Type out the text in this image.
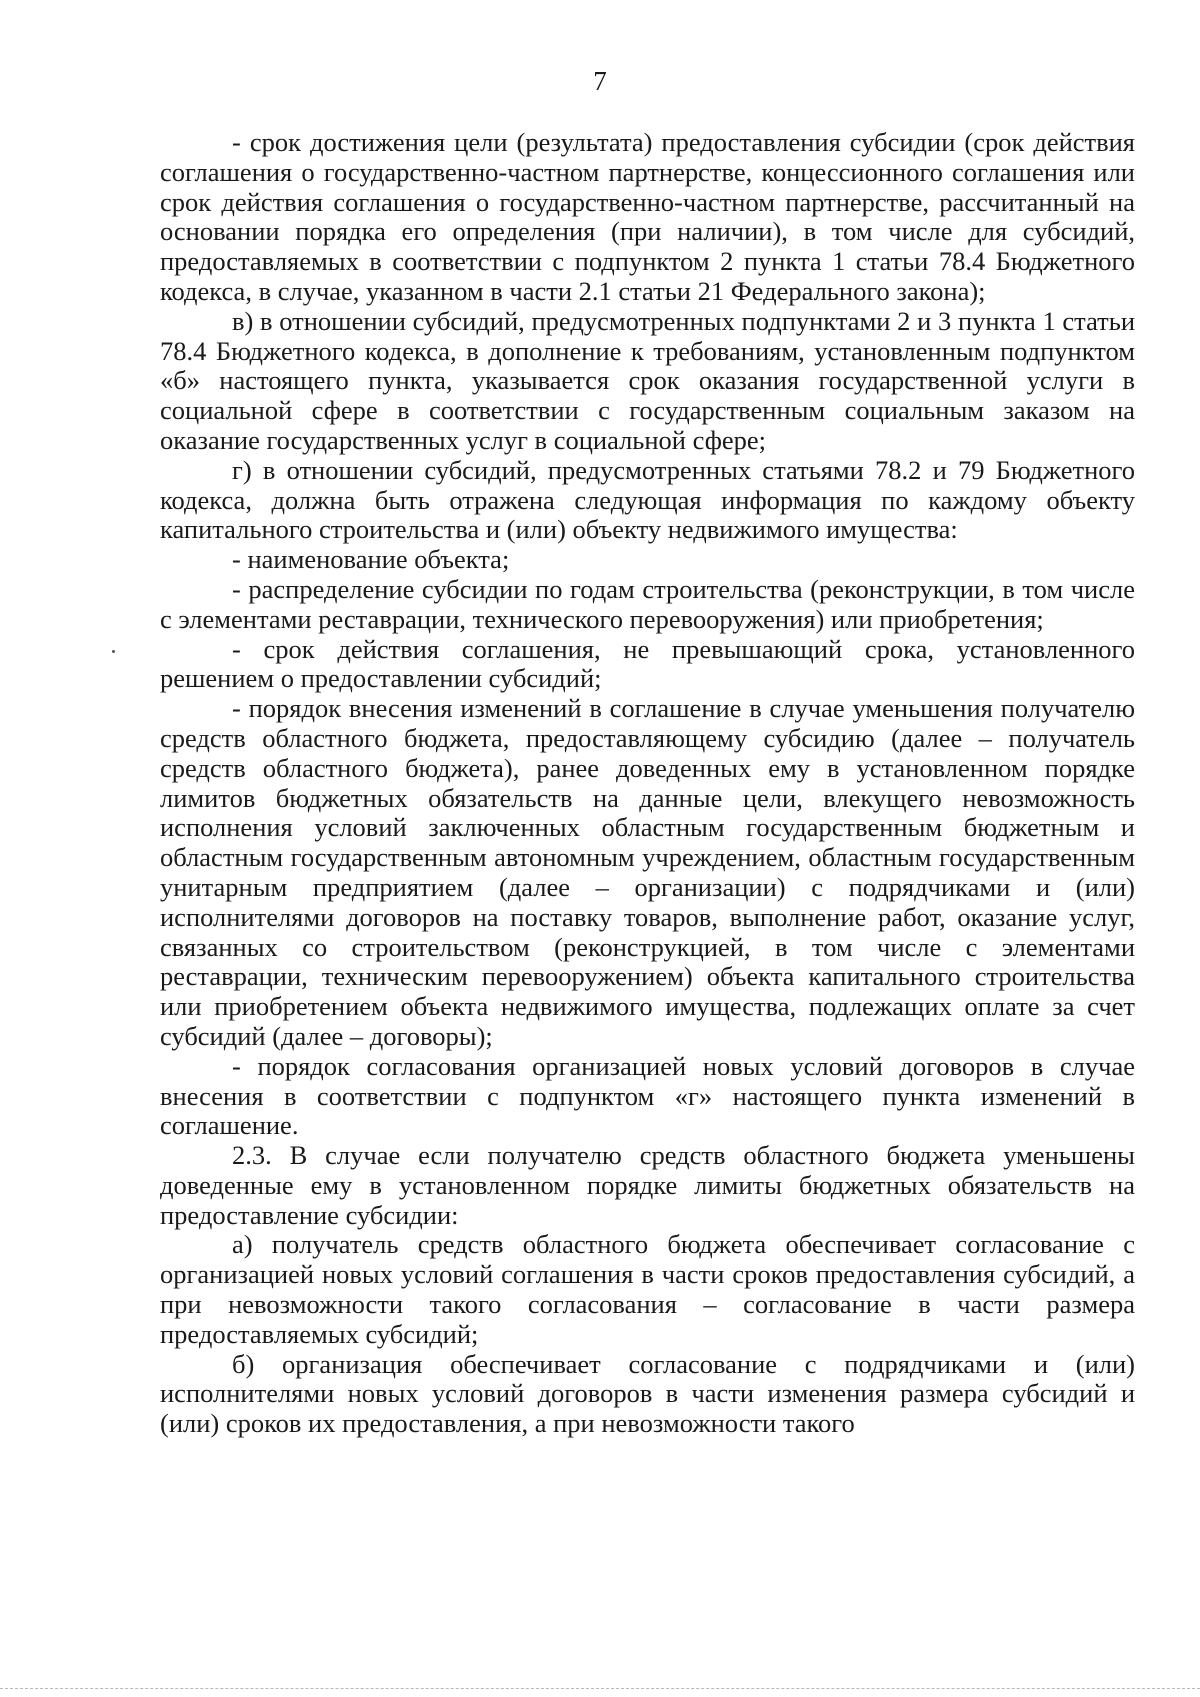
7

- срок достижения цели (результата) предоставления субсидии (срок действия соглашения о государственно-частном партнерстве, концессионного соглашения или срок действия соглашения о государственно-частном партнерстве, рассчитанный на основании порядка его определения (при наличии), в том числе для субсидий, предоставляемых в соответствии с подпунктом 2 пункта 1 статьи 78.4 Бюджетного кодекса, в случае, указанном в части 2.1 статьи 21 Федерального закона);

в) в отношении субсидий, предусмотренных подпунктами 2 и 3 пункта 1 статьи 78.4 Бюджетного кодекса, в дополнение к требованиям, установленным подпунктом «б» настоящего пункта, указывается срок оказания государственной услуги в социальной сфере в соответствии с государственным социальным заказом на оказание государственных услуг в социальной сфере;

г) в отношении субсидий, предусмотренных статьями 78.2 и 79 Бюджетного кодекса, должна быть отражена следующая информация по каждому объекту капитального строительства и (или) объекту недвижимого имущества:

- наименование объекта;

- распределение субсидии по годам строительства (реконструкции, в том числе с элементами реставрации, технического перевооружения) или приобретения;

- срок действия соглашения, не превышающий срока, установленного решением о предоставлении субсидий;

- порядок внесения изменений в соглашение в случае уменьшения получателю средств областного бюджета, предоставляющему субсидию (далее – получатель средств областного бюджета), ранее доведенных ему в установленном порядке лимитов бюджетных обязательств на данные цели, влекущего невозможность исполнения условий заключенных областным государственным бюджетным и областным государственным автономным учреждением, областным государственным унитарным предприятием (далее – организации) с подрядчиками и (или) исполнителями договоров на поставку товаров, выполнение работ, оказание услуг, связанных со строительством (реконструкцией, в том числе с элементами реставрации, техническим перевооружением) объекта капитального строительства или приобретением объекта недвижимого имущества, подлежащих оплате за счет субсидий (далее – договоры);

- порядок согласования организацией новых условий договоров в случае внесения в соответствии с подпунктом «г» настоящего пункта изменений в соглашение.

2.3. В случае если получателю средств областного бюджета уменьшены доведенные ему в установленном порядке лимиты бюджетных обязательств на предоставление субсидии:

а) получатель средств областного бюджета обеспечивает согласование с организацией новых условий соглашения в части сроков предоставления субсидий, а при невозможности такого согласования – согласование в части размера предоставляемых субсидий;

б) организация обеспечивает согласование с подрядчиками и (или) исполнителями новых условий договоров в части изменения размера субсидий и (или) сроков их предоставления, а при невозможности такого
